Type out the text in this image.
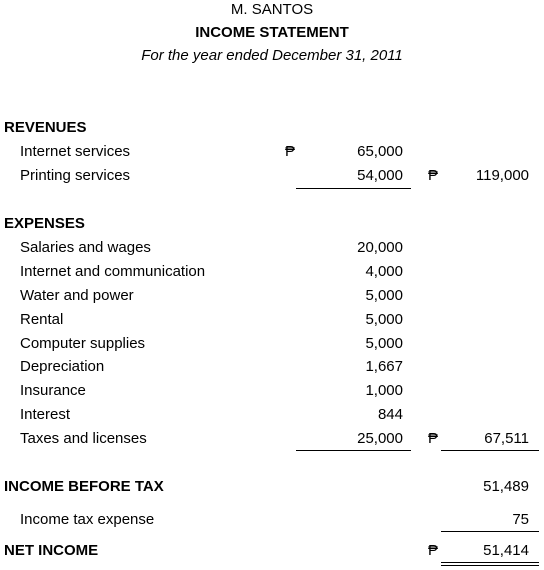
M. SANTOS
INCOME STATEMENT
For the year ended December 31, 2011
REVENUES
Internet services	₱	65,000
Printing services	54,000 ₱	119,000
EXPENSES
Salaries and wages	20,000
Internet and communication	4,000
Water and power	5,000
Rental	5,000
Computer supplies	5,000
Depreciation	1,667
Insurance	1,000
Interest	844
Taxes and licenses	25,000 ₱	67,511
INCOME BEFORE TAX	51,489
Income tax expense	75
NET INCOME	₱	51,414
